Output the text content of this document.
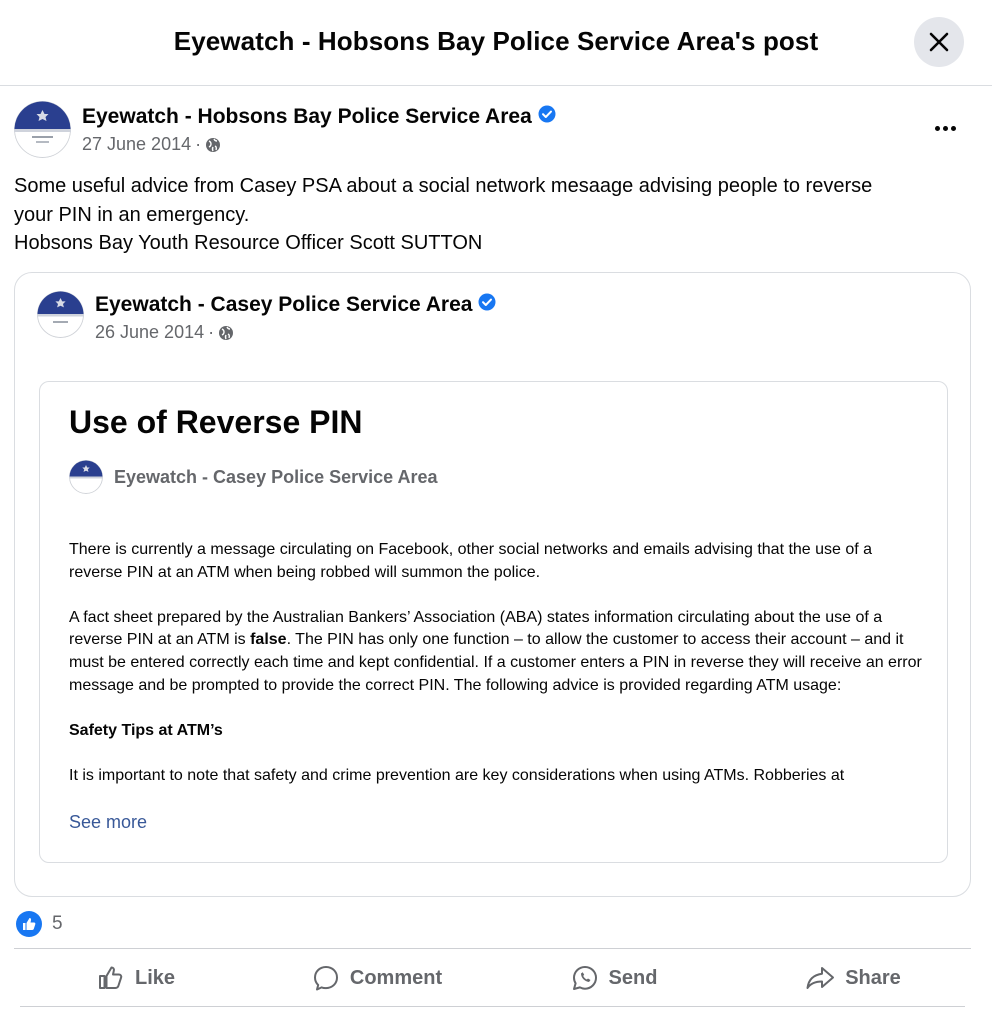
Eyewatch - Hobsons Bay Police Service Area's post
Eyewatch - Hobsons Bay Police Service Area
27 June 2014 ·
Some useful advice from Casey PSA about a social network mesaage advising people to reverse
your PIN in an emergency.
Hobsons Bay Youth Resource Officer Scott SUTTON
Eyewatch - Casey Police Service Area
26 June 2014 ·
Use of Reverse PIN
Eyewatch - Casey Police Service Area

There is currently a message circulating on Facebook, other social networks and emails advising that the use of a reverse PIN at an ATM when being robbed will summon the police.

A fact sheet prepared by the Australian Bankers’ Association (ABA) states information circulating about the use of a reverse PIN at an ATM is false. The PIN has only one function – to allow the customer to access their account – and it must be entered correctly each time and kept confidential. If a customer enters a PIN in reverse they will receive an error message and be prompted to provide the correct PIN. The following advice is provided regarding ATM usage:

Safety Tips at ATM’s

It is important to note that safety and crime prevention are key considerations when using ATMs. Robberies at

See more
5
Like	Comment	Send	Share
